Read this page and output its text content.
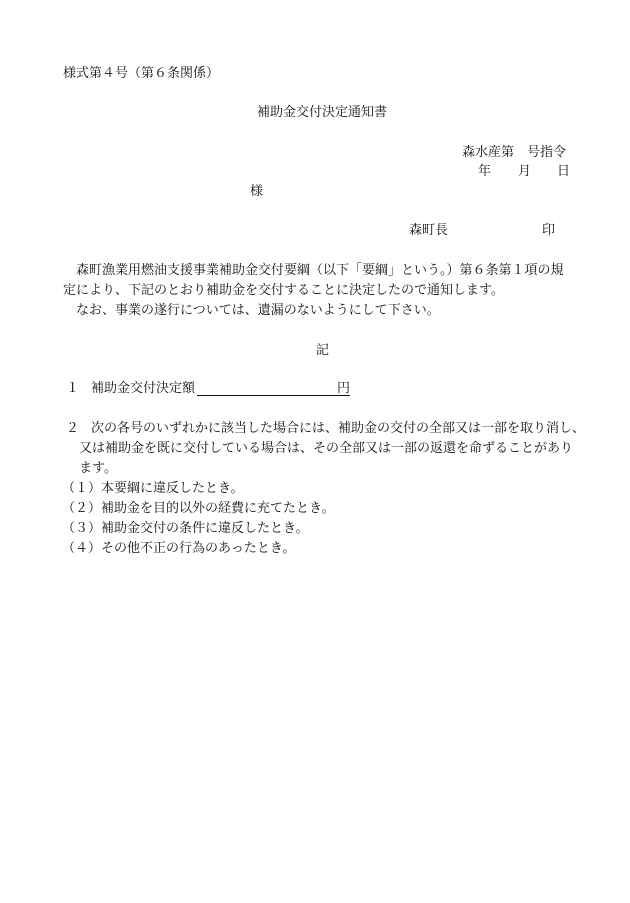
様式第４号（第６条関係）
補助金交付決定通知書
森水産第　号指令
年 月 日
様
森町長	印
森町漁業用燃油支援事業補助金交付要綱（以下「要綱」という。）第６条第１項の規
定により、下記のとおり補助金を交付することに決定したので通知します。
なお、事業の遂行については、遺漏のないようにして下さい。
記
１ 補助金交付決定額	円
２ 次の各号のいずれかに該当した場合には、補助金の交付の全部又は一部を取り消し、
又は補助金を既に交付している場合は、その全部又は一部の返還を命ずることがあり
ます。
（１）本要綱に違反したとき。
（２）補助金を目的以外の経費に充てたとき。
（３）補助金交付の条件に違反したとき。
（４）その他不正の行為のあったとき。
